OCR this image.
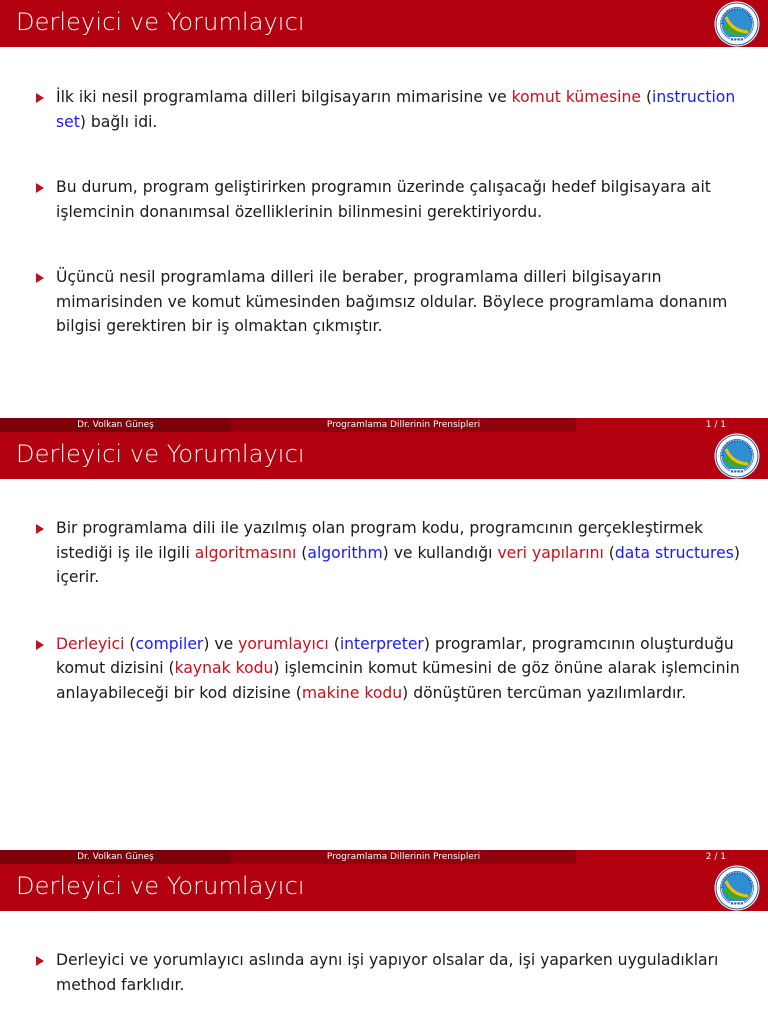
Derleyici ve Yorumlayıcı
İlk iki nesil programlama dilleri bilgisayarın mimarisine ve komut kümesine (instruction set) bağlı idi.
Bu durum, program geliştirirken programın üzerinde çalışacağı hedef bilgisayara ait işlemcinin donanımsal özelliklerinin bilinmesini gerektiriyordu.
Üçüncü nesil programlama dilleri ile beraber, programlama dilleri bilgisayarın mimarisinden ve komut kümesinden bağımsız oldular. Böylece programlama donanım bilgisi gerektiren bir iş olmaktan çıkmıştır.
Dr. Volkan Güneş	Programlama Dillerinin Prensipleri	1 / 1
Derleyici ve Yorumlayıcı
Bir programlama dili ile yazılmış olan program kodu, programcının gerçekleştirmek istediği iş ile ilgili algoritmasını (algorithm) ve kullandığı veri yapılarını (data structures) içerir.
Derleyici (compiler) ve yorumlayıcı (interpreter) programlar, programcının oluşturduğu komut dizisini (kaynak kodu) işlemcinin komut kümesini de göz önüne alarak işlemcinin anlayabileceği bir kod dizisine (makine kodu) dönüştüren tercüman yazılımlardır.
Dr. Volkan Güneş	Programlama Dillerinin Prensipleri	2 / 1
Derleyici ve Yorumlayıcı
Derleyici ve yorumlayıcı aslında aynı işi yapıyor olsalar da, işi yaparken uyguladıkları method farklıdır.
